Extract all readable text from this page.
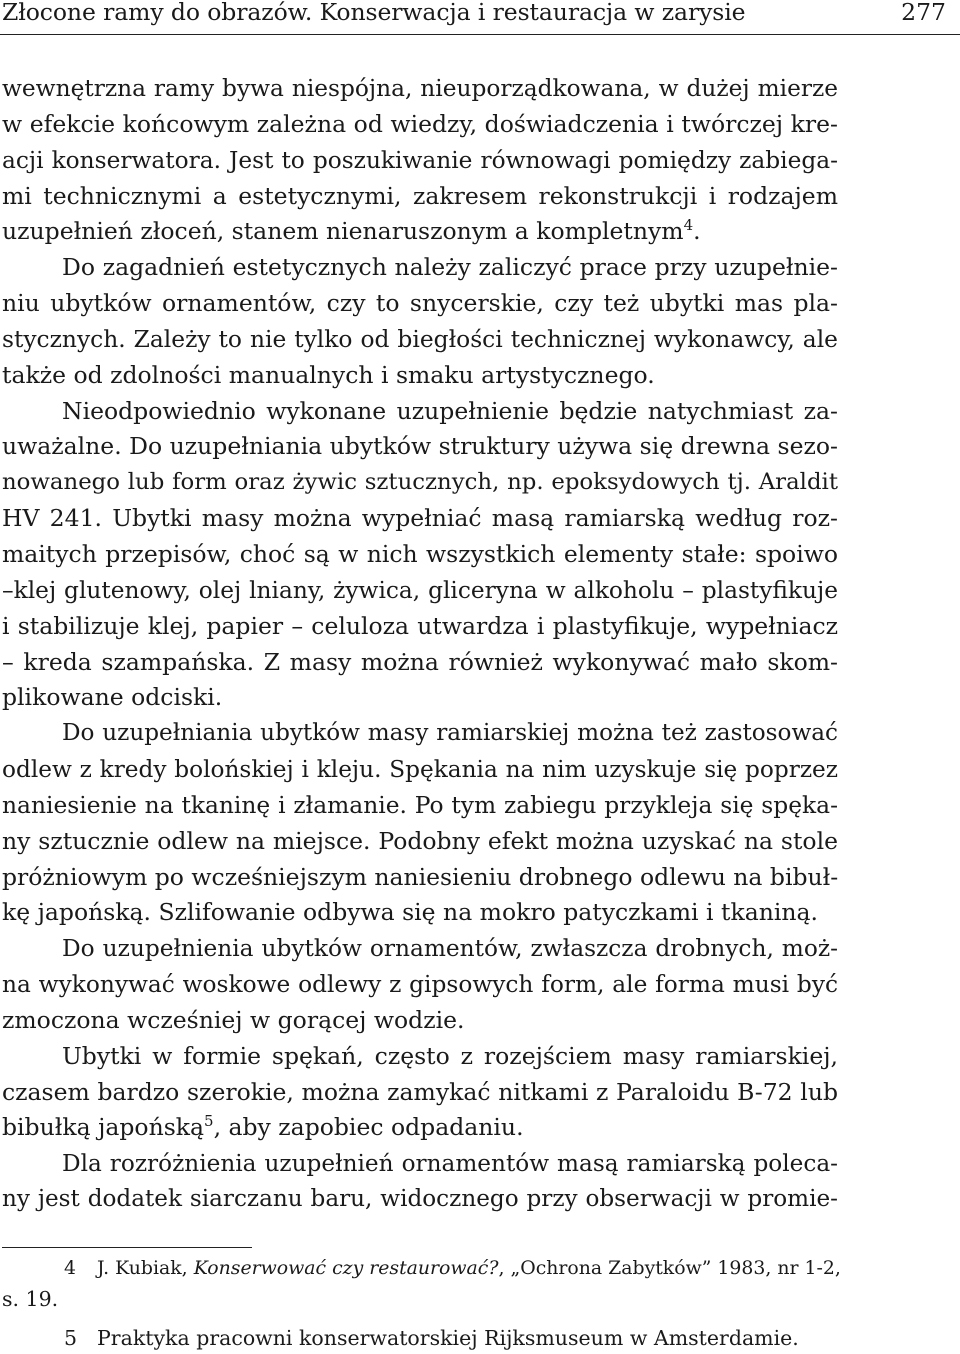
Złocone ramy do obrazów. Konserwacja i restauracja w zarysie	277
wewnętrzna ramy bywa niespójna, nieuporządkowana, w dużej mierze
w efekcie końcowym zależna od wiedzy, doświadczenia i twórczej kre-
acji konserwatora. Jest to poszukiwanie równowagi pomiędzy zabiega-
mi technicznymi a estetycznymi, zakresem rekonstrukcji i rodzajem
uzupełnień złoceń, stanem nienaruszonym a kompletnym$^4$.
Do zagadnień estetycznych należy zaliczyć prace przy uzupełnie-
niu ubytków ornamentów, czy to snycerskie, czy też ubytki mas pla-
stycznych. Zależy to nie tylko od biegłości technicznej wykonawcy, ale
także od zdolności manualnych i smaku artystycznego.
Nieodpowiednio wykonane uzupełnienie będzie natychmiast za-
uważalne. Do uzupełniania ubytków struktury używa się drewna sezo-
nowanego lub form oraz żywic sztucznych, np. epoksydowych tj. Araldit
HV 241. Ubytki masy można wypełniać masą ramiarską według roz-
maitych przepisów, choć są w nich wszystkich elementy stałe: spoiwo
–klej glutenowy, olej lniany, żywica, gliceryna w alkoholu – plastyfikuje
i stabilizuje klej, papier – celuloza utwardza i plastyfikuje, wypełniacz
– kreda szampańska. Z masy można również wykonywać mało skom-
plikowane odciski.
Do uzupełniania ubytków masy ramiarskiej można też zastosować
odlew z kredy bolońskiej i kleju. Spękania na nim uzyskuje się poprzez
naniesienie na tkaninę i złamanie. Po tym zabiegu przykleja się spęka-
ny sztucznie odlew na miejsce. Podobny efekt można uzyskać na stole
próżniowym po wcześniejszym naniesieniu drobnego odlewu na bibuł-
kę japońską. Szlifowanie odbywa się na mokro patyczkami i tkaniną.
Do uzupełnienia ubytków ornamentów, zwłaszcza drobnych, moż-
na wykonywać woskowe odlewy z gipsowych form, ale forma musi być
zmoczona wcześniej w gorącej wodzie.
Ubytki w formie spękań, często z rozejściem masy ramiarskiej,
czasem bardzo szerokie, można zamykać nitkami z Paraloidu B-72 lub
bibułką japońską$^5$, aby zapobiec odpadaniu.
Dla rozróżnienia uzupełnień ornamentów masą ramiarską poleca-
ny jest dodatek siarczanu baru, widocznego przy obserwacji w promie-
4 J. Kubiak, Konserwować czy restaurować?, „Ochrona Zabytków” 1983, nr 1-2,
s. 19.
5 Praktyka pracowni konserwatorskiej Rijksmuseum w Amsterdamie.
